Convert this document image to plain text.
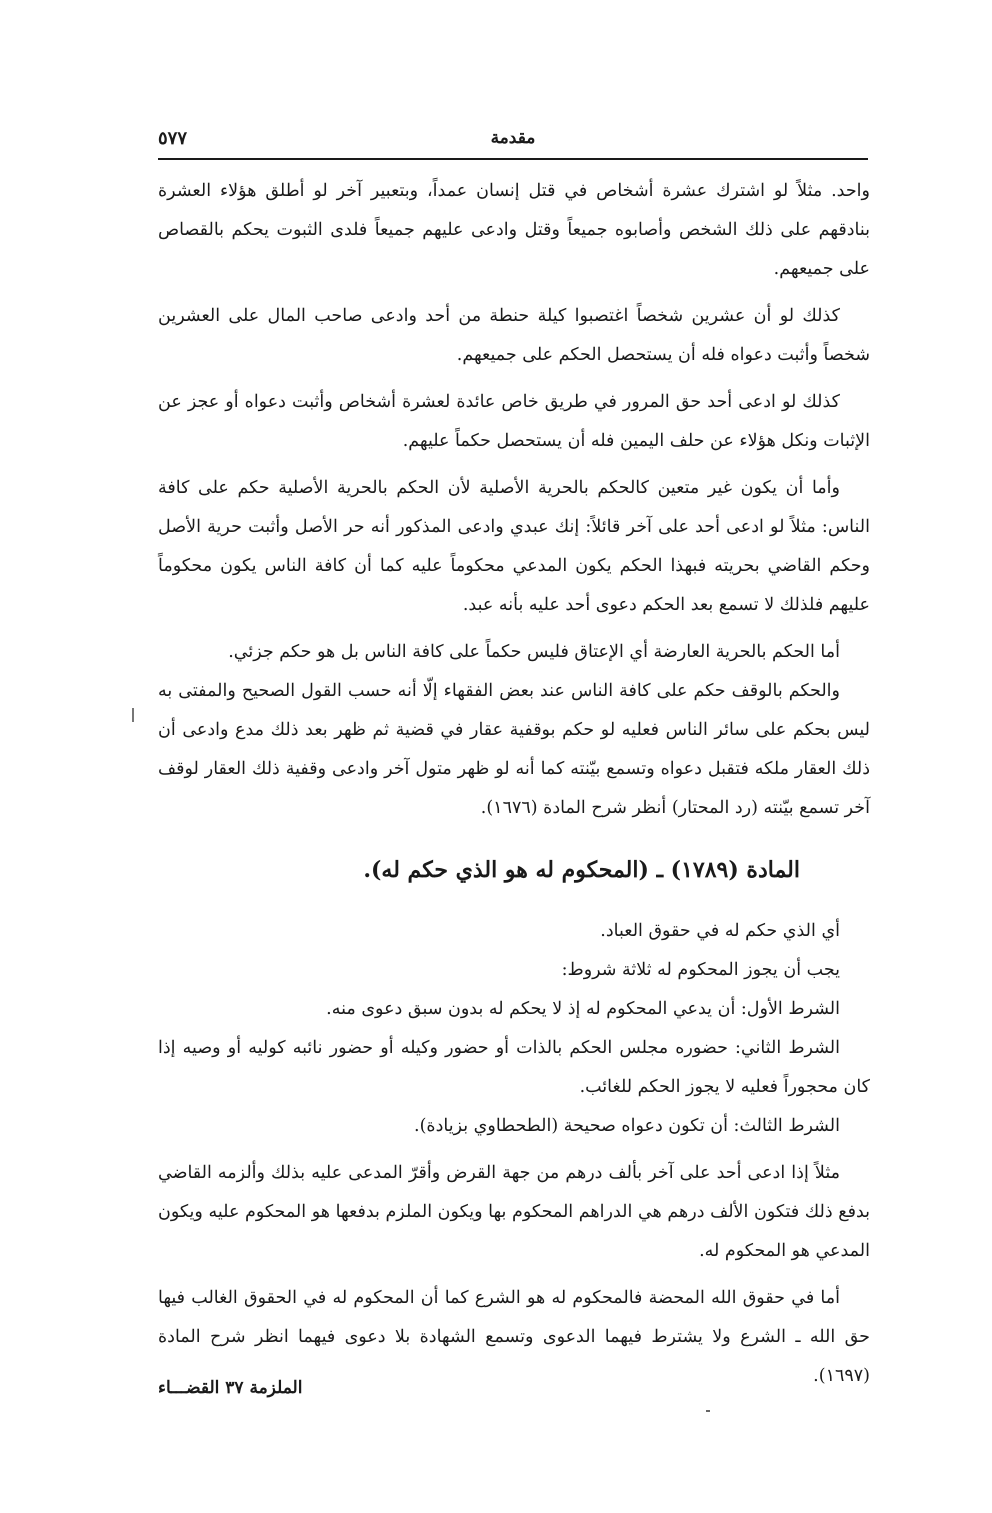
مقدمة
٥٧٧

واحد. مثلاً لو اشترك عشرة أشخاص في قتل إنسان عمداً، وبتعبير آخر لو أطلق هؤلاء العشرة بنادقهم على ذلك الشخص وأصابوه جميعاً وقتل وادعى عليهم جميعاً فلدى الثبوت يحكم بالقصاص على جميعهم.

كذلك لو أن عشرين شخصاً اغتصبوا كيلة حنطة من أحد وادعى صاحب المال على العشرين شخصاً وأثبت دعواه فله أن يستحصل الحكم على جميعهم.

كذلك لو ادعى أحد حق المرور في طريق خاص عائدة لعشرة أشخاص وأثبت دعواه أو عجز عن الإثبات ونكل هؤلاء عن حلف اليمين فله أن يستحصل حكماً عليهم.

وأما أن يكون غير متعين كالحكم بالحرية الأصلية لأن الحكم بالحرية الأصلية حكم على كافة الناس: مثلاً لو ادعى أحد على آخر قائلاً: إنك عبدي وادعى المذكور أنه حر الأصل وأثبت حرية الأصل وحكم القاضي بحريته فبهذا الحكم يكون المدعي محكوماً عليه كما أن كافة الناس يكون محكوماً عليهم فلذلك لا تسمع بعد الحكم دعوى أحد عليه بأنه عبد.

أما الحكم بالحرية العارضة أي الإعتاق فليس حكماً على كافة الناس بل هو حكم جزئي.

والحكم بالوقف حكم على كافة الناس عند بعض الفقهاء إلّا أنه حسب القول الصحيح والمفتى به ليس بحكم على سائر الناس فعليه لو حكم بوقفية عقار في قضية ثم ظهر بعد ذلك مدع وادعى أن ذلك العقار ملكه فتقبل دعواه وتسمع بيّنته كما أنه لو ظهر متول آخر وادعى وقفية ذلك العقار لوقف آخر تسمع بيّنته (رد المحتار) أنظر شرح المادة (١٦٧٦).

المادة (١٧٨٩) ـ (المحكوم له هو الذي حكم له).

أي الذي حكم له في حقوق العباد.

يجب أن يجوز المحكوم له ثلاثة شروط:

الشرط الأول: أن يدعي المحكوم له إذ لا يحكم له بدون سبق دعوى منه.

الشرط الثاني: حضوره مجلس الحكم بالذات أو حضور وكيله أو حضور نائبه كوليه أو وصيه إذا كان محجوراً فعليه لا يجوز الحكم للغائب.

الشرط الثالث: أن تكون دعواه صحيحة (الطحطاوي بزيادة).

مثلاً إذا ادعى أحد على آخر بألف درهم من جهة القرض وأقرّ المدعى عليه بذلك وألزمه القاضي بدفع ذلك فتكون الألف درهم هي الدراهم المحكوم بها ويكون الملزم بدفعها هو المحكوم عليه ويكون المدعي هو المحكوم له.

أما في حقوق الله المحضة فالمحكوم له هو الشرع كما أن المحكوم له في الحقوق الغالب فيها حق الله ـ الشرع ولا يشترط فيهما الدعوى وتسمع الشهادة بلا دعوى فيهما انظر شرح المادة (١٦٩٧).

الملزمة ٣٧ القضـــاء
